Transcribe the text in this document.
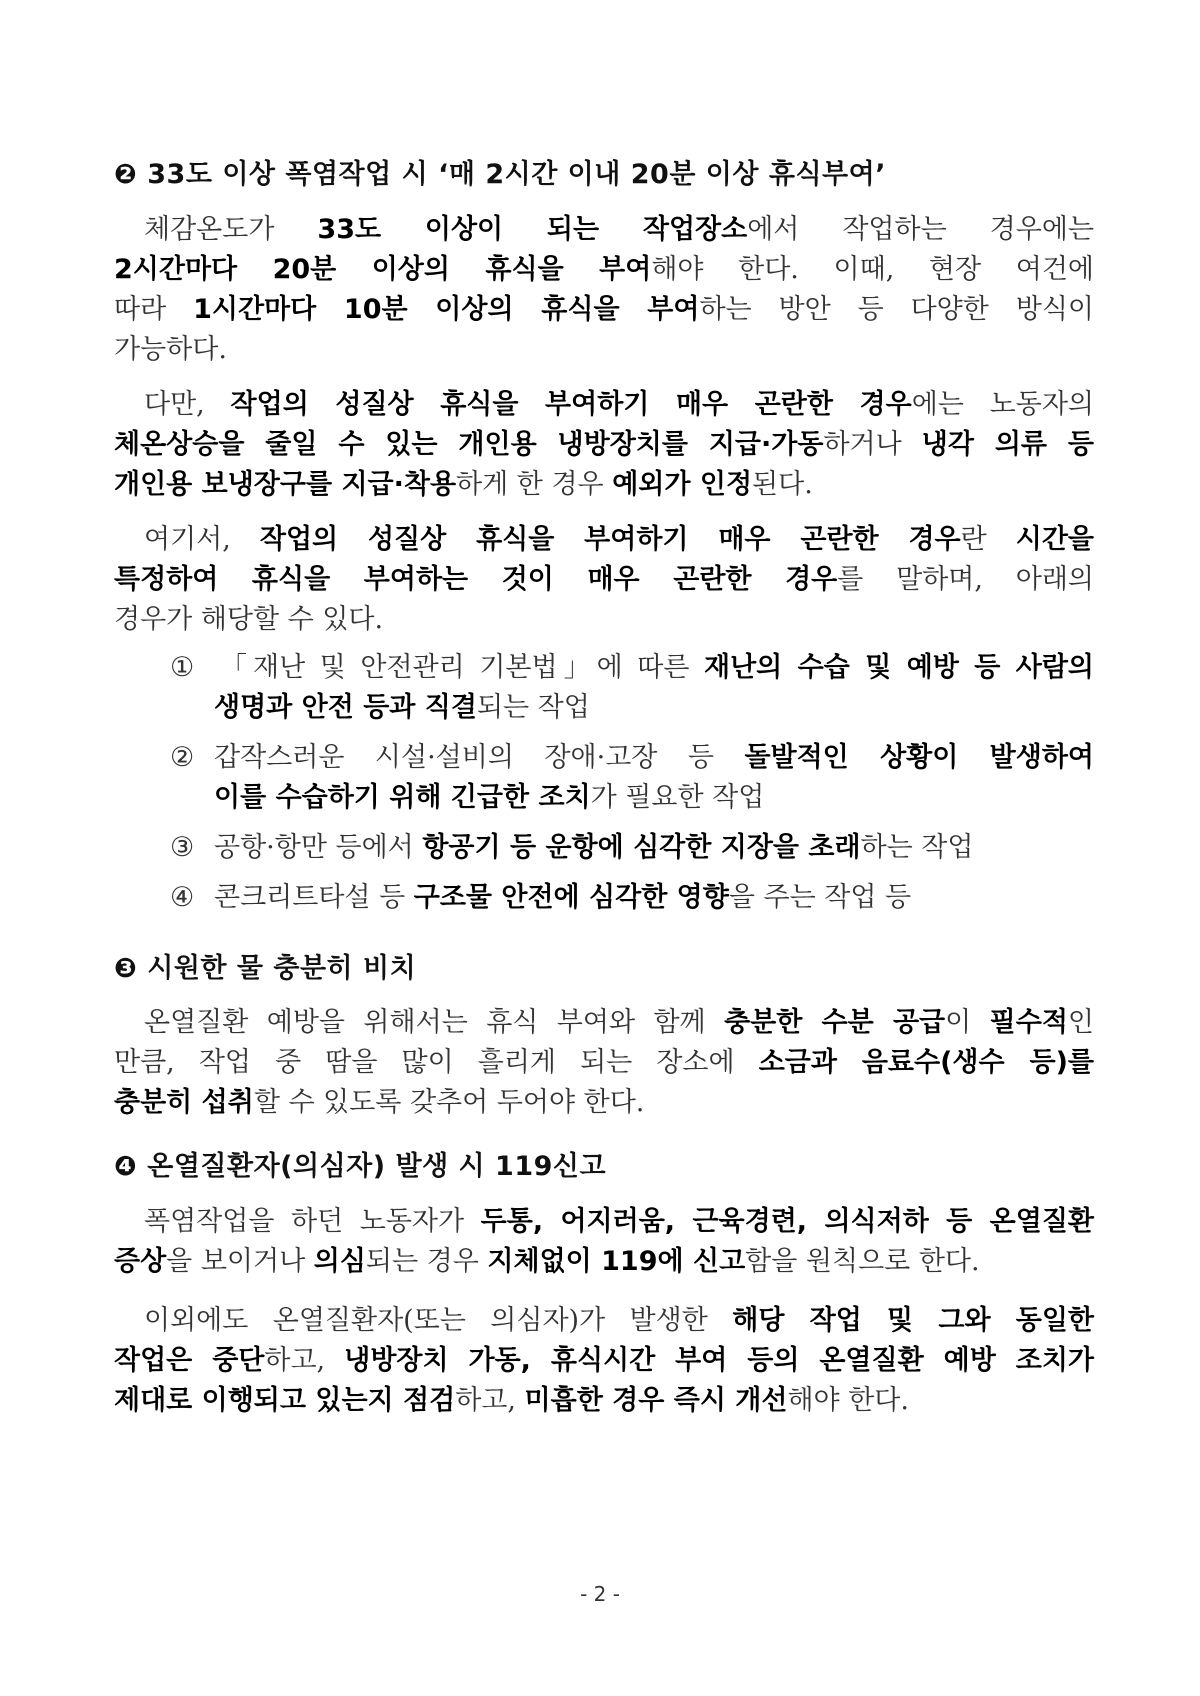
❷ 33도 이상 폭염작업 시 ‘매 2시간 이내 20분 이상 휴식부여’
체감온도가 33도 이상이 되는 작업장소에서 작업하는 경우에는
2시간마다 20분 이상의 휴식을 부여해야 한다. 이때, 현장 여건에
따라 1시간마다 10분 이상의 휴식을 부여하는 방안 등 다양한 방식이
가능하다.
다만, 작업의 성질상 휴식을 부여하기 매우 곤란한 경우에는 노동자의
체온상승을 줄일 수 있는 개인용 냉방장치를 지급·가동하거나 냉각 의류 등
개인용 보냉장구를 지급·착용하게 한 경우 예외가 인정된다.
여기서, 작업의 성질상 휴식을 부여하기 매우 곤란한 경우란 시간을
특정하여 휴식을 부여하는 것이 매우 곤란한 경우를 말하며, 아래의
경우가 해당할 수 있다.
① 「재난 및 안전관리 기본법」에 따른 재난의 수습 및 예방 등 사람의
생명과 안전 등과 직결되는 작업
② 갑작스러운 시설·설비의 장애·고장 등 돌발적인 상황이 발생하여
이를 수습하기 위해 긴급한 조치가 필요한 작업
③ 공항·항만 등에서 항공기 등 운항에 심각한 지장을 초래하는 작업
④ 콘크리트타설 등 구조물 안전에 심각한 영향을 주는 작업 등
❸ 시원한 물 충분히 비치
온열질환 예방을 위해서는 휴식 부여와 함께 충분한 수분 공급이 필수적인
만큼, 작업 중 땀을 많이 흘리게 되는 장소에 소금과 음료수(생수 등)를
충분히 섭취할 수 있도록 갖추어 두어야 한다.
❹ 온열질환자(의심자) 발생 시 119신고
폭염작업을 하던 노동자가 두통, 어지러움, 근육경련, 의식저하 등 온열질환
증상을 보이거나 의심되는 경우 지체없이 119에 신고함을 원칙으로 한다.
이외에도 온열질환자(또는 의심자)가 발생한 해당 작업 및 그와 동일한
작업은 중단하고, 냉방장치 가동, 휴식시간 부여 등의 온열질환 예방 조치가
제대로 이행되고 있는지 점검하고, 미흡한 경우 즉시 개선해야 한다.
- 2 -
